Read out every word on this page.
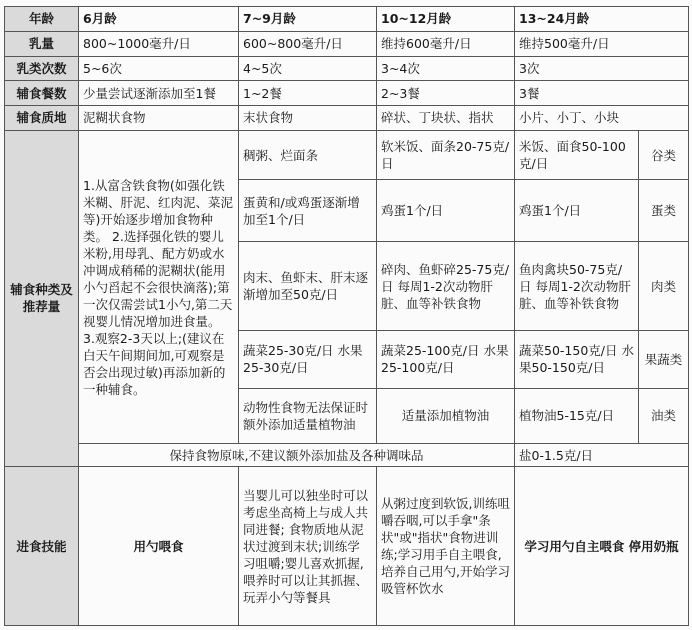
年龄	6月龄	7~9月龄	10~12月龄	13~24月龄	
乳量	800~1000毫升/日	600~800毫升/日	维持600毫升/日	维持500毫升/日	
乳类次数	5~6次	4~5次	3~4次	3次	
辅食餐数	少量尝试逐渐添加至1餐	1~2餐	2~3餐	3餐	
辅食质地	泥糊状食物	末状食物	碎状、丁块状、指状	小片、小丁、小块	
辅食种类及推荐量	1.从富含铁食物(如强化铁米糊、肝泥、红肉泥、菜泥等)开始逐步增加食物种类。 2.选择强化铁的婴儿米粉,用母乳、配方奶或水冲调成稍稀的泥糊状(能用小勺舀起不会很快滴落);第一次仅需尝试1小勺,第二天视婴儿情况增加进食量。 3.观察2-3天以上;(建议在白天午间期间加,可观察是否会出现过敏)再添加新的一种辅食。	稠粥、烂面条	软米饭、面条20-75克/日	米饭、面食50-100克/日	谷类
		蛋黄和/或鸡蛋逐渐增加至1个/日	鸡蛋1个/日	鸡蛋1个/日	蛋类
		肉末、鱼虾末、肝末逐渐增加至50克/日	碎肉、鱼虾碎25-75克/日 每周1-2次动物肝脏、血等补铁食物	鱼肉禽块50-75克/日 每周1-2次动物肝脏、血等补铁食物	肉类
		蔬菜25-30克/日 水果25-30克/日	蔬菜25-100克/日 水果25-100克/日	蔬菜50-150克/日 水果50-150克/日	果蔬类
		动物性食物无法保证时额外添加适量植物油	适量添加植物油	植物油5-15克/日	油类
	保持食物原味,不建议额外添加盐及各种调味品			盐0-1.5克/日	
进食技能	用勺喂食	当婴儿可以独坐时可以考虑坐高椅上与成人共同进餐; 食物质地从泥状过渡到末状;训练学习咀嚼;婴儿喜欢抓握,喂养时可以让其抓握、玩弄小勺等餐具	从粥过度到软饭,训练咀嚼吞咽,可以手拿"条状"或"指状"食物进训练;学习用手自主喂食,培养自己用勺,开始学习吸管杯饮水	学习用勺自主喂食 停用奶瓶	
